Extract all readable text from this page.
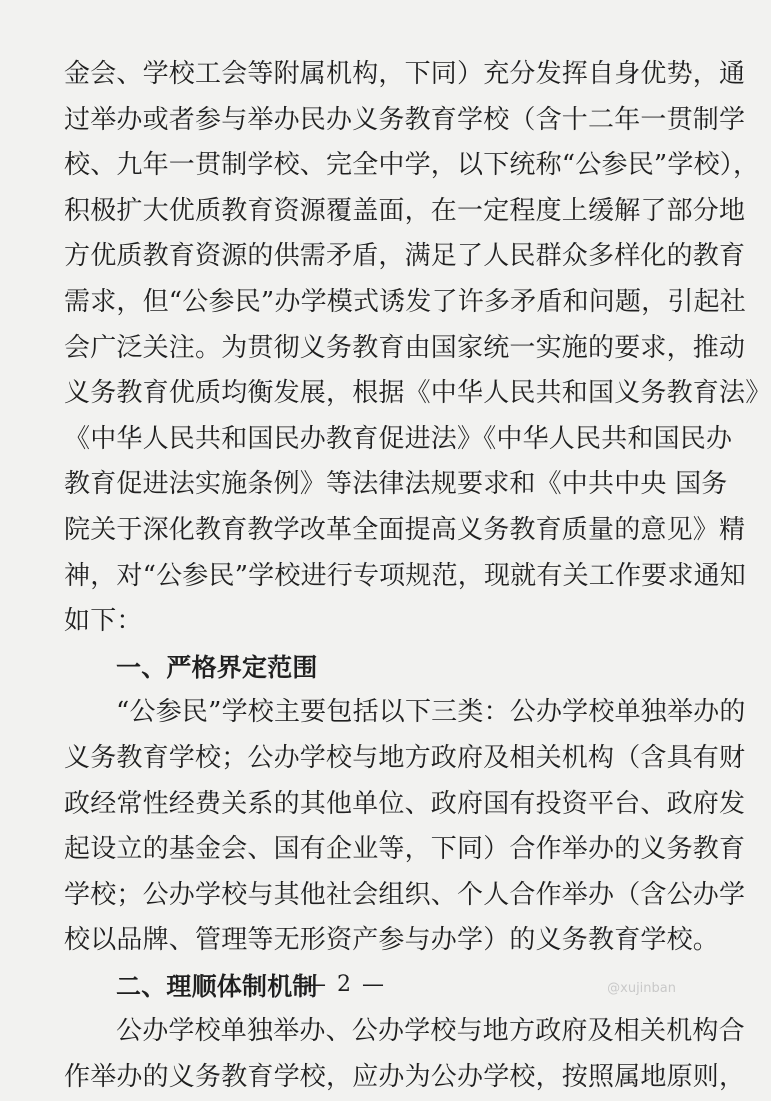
金会、学校工会等附属机构，下同）充分发挥自身优势，通
过举办或者参与举办民办义务教育学校（含十二年一贯制学
校、九年一贯制学校、完全中学，以下统称“公参民”学校），
积极扩大优质教育资源覆盖面，在一定程度上缓解了部分地
方优质教育资源的供需矛盾，满足了人民群众多样化的教育
需求，但“公参民”办学模式诱发了许多矛盾和问题，引起社
会广泛关注。为贯彻义务教育由国家统一实施的要求，推动
义务教育优质均衡发展，根据《中华人民共和国义务教育法》
《中华人民共和国民办教育促进法》《中华人民共和国民办
教育促进法实施条例》等法律法规要求和《中共中央 国务
院关于深化教育教学改革全面提高义务教育质量的意见》精
神，对“公参民”学校进行专项规范，现就有关工作要求通知
如下：
一、严格界定范围
“公参民”学校主要包括以下三类：公办学校单独举办的
义务教育学校；公办学校与地方政府及相关机构（含具有财
政经常性经费关系的其他单位、政府国有投资平台、政府发
起设立的基金会、国有企业等，下同）合作举办的义务教育
学校；公办学校与其他社会组织、个人合作举办（含公办学
校以品牌、管理等无形资产参与办学）的义务教育学校。
二、理顺体制机制
公办学校单独举办、公办学校与地方政府及相关机构合
作举办的义务教育学校，应办为公办学校，按照属地原则，
— 2 —	@xujinban
